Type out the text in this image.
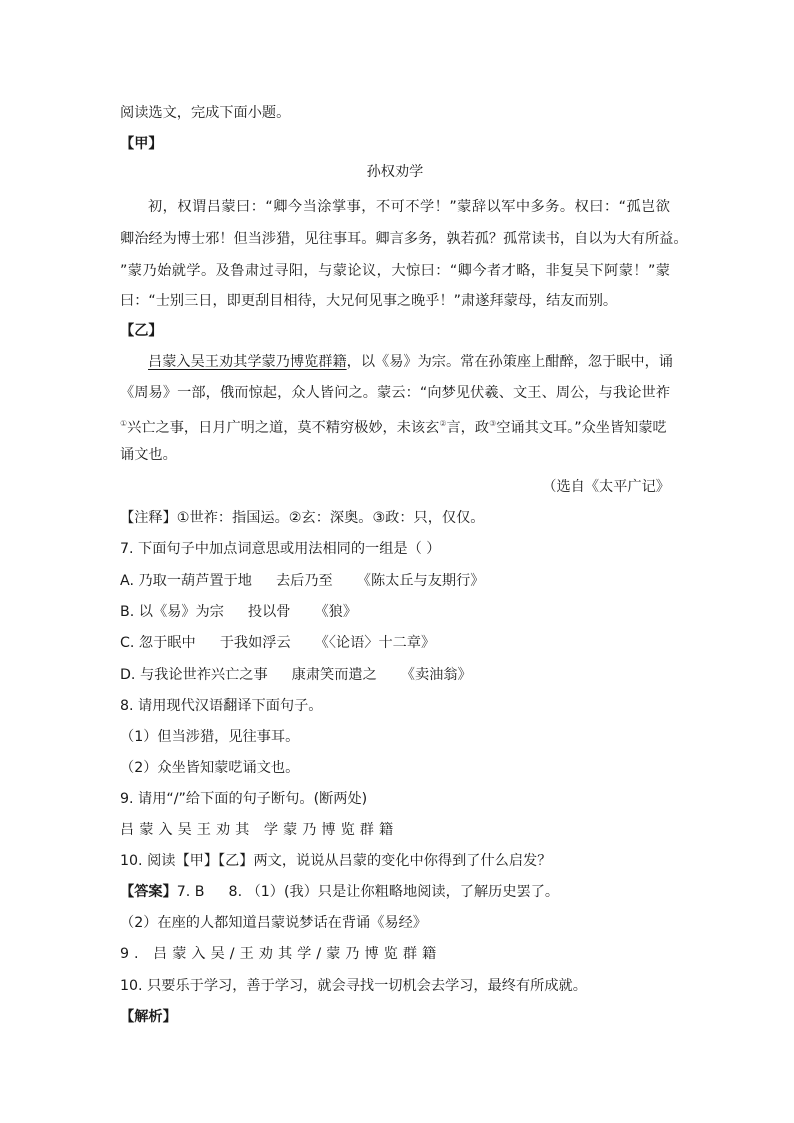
阅读选文，完成下面小题。
【甲】
孙权劝学
初，权谓吕蒙曰：“卿今当涂掌事，不可不学！”蒙辞以军中多务。权曰：“孤岂欲
卿治经为博士邪！但当涉猎，见往事耳。卿言多务，孰若孤？孤常读书，自以为大有所益。
”蒙乃始就学。及鲁肃过寻阳，与蒙论议，大惊曰：“卿今者才略，非复吴下阿蒙！”蒙
曰：“士别三日，即更刮目相待，大兄何见事之晚乎！”肃遂拜蒙母，结友而别。
【乙】
吕蒙入吴王劝其学蒙乃博览群籍，以《易》为宗。常在孙策座上酣醉，忽于眠中，诵
《周易》一部，俄而惊起，众人皆问之。蒙云：“向梦见伏羲、文王、周公，与我论世祚
①兴亡之事，日月广明之道，莫不精穷极妙，未该玄②言，政③空诵其文耳。”众坐皆知蒙呓
诵文也。
（选自《太平广记》
【注释】①世祚：指国运。②玄：深奥。③政：只，仅仅。
7. 下面句子中加点词意思或用法相同的一组是（ ）
A. 乃取一葫芦置于地 去后乃至 《陈太丘与友期行》
B. 以《易》为宗 投以骨 《狼》
C. 忽于眠中 于我如浮云 《〈论语〉十二章》
D. 与我论世祚兴亡之事 康肃笑而遣之 《卖油翁》
8. 请用现代汉语翻译下面句子。
（1）但当涉猎，见往事耳。
（2）众坐皆知蒙呓诵文也。
9. 请用“/”给下面的句子断句。(断两处)
吕蒙入吴王劝其 学蒙乃博览群籍
10. 阅读【甲】【乙】两文，说说从吕蒙的变化中你得到了什么启发？
【答案】7. B 8. （1）(我）只是让你粗略地阅读，了解历史罢了。
（2）在座的人都知道吕蒙说梦话在背诵《易经》
9. 吕蒙入吴/王劝其学/蒙乃博览群籍
10. 只要乐于学习，善于学习，就会寻找一切机会去学习，最终有所成就。
【解析】
